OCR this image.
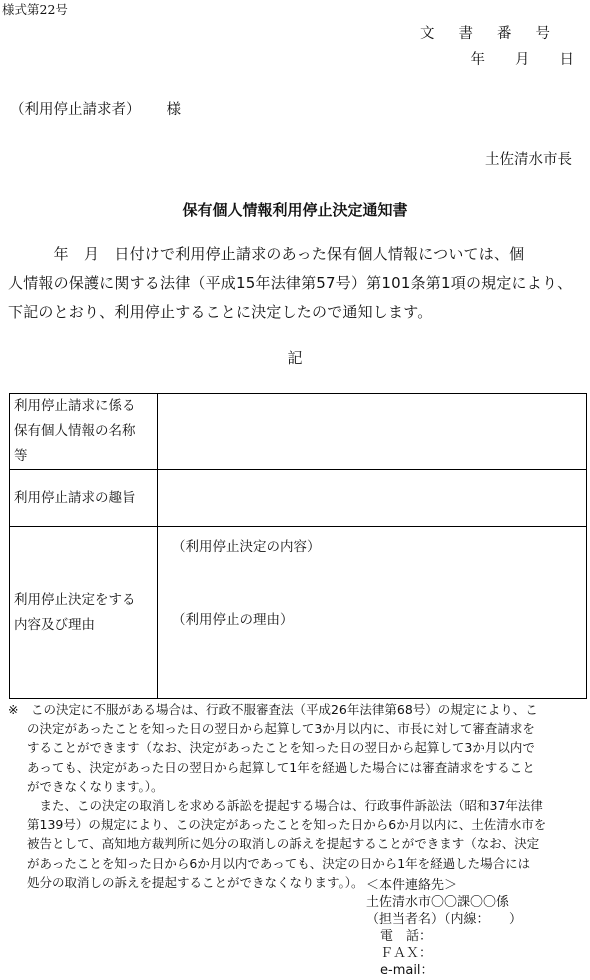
様式第22号
文書番号
年 月 日
（利用停止請求者） 様
土佐清水市長
保有個人情報利用停止決定通知書

　　　年　月　日付けで利用停止請求のあった保有個人情報については、個
人情報の保護に関する法律（平成15年法律第57号）第101条第1項の規定により、
下記のとおり、利用停止することに決定したので通知します。

記
利用停止請求に係る
保有個人情報の名称
等	
利用停止請求の趣旨	
利用停止決定をする
内容及び理由	（利用停止決定の内容）
（利用停止の理由）
※　この決定に不服がある場合は、行政不服審査法（平成26年法律第68号）の規定により、こ
の決定があったことを知った日の翌日から起算して3か月以内に、市長に対して審査請求を
することができます（なお、決定があったことを知った日の翌日から起算して3か月以内で
あっても、決定があった日の翌日から起算して1年を経過した場合には審査請求をすること
ができなくなります。）。
　また、この決定の取消しを求める訴訟を提起する場合は、行政事件訴訟法（昭和37年法律
第139号）の規定により、この決定があったことを知った日から6か月以内に、土佐清水市を
被告として、高知地方裁判所に処分の取消しの訴えを提起することができます（なお、決定
があったことを知った日から6か月以内であっても、決定の日から1年を経過した場合には
処分の取消しの訴えを提起することができなくなります。）。 ＜本件連絡先＞
土佐清水市〇〇課〇〇係
（担当者名）（内線：　　）
電　話：
ＦＡＸ：
e-mail：
